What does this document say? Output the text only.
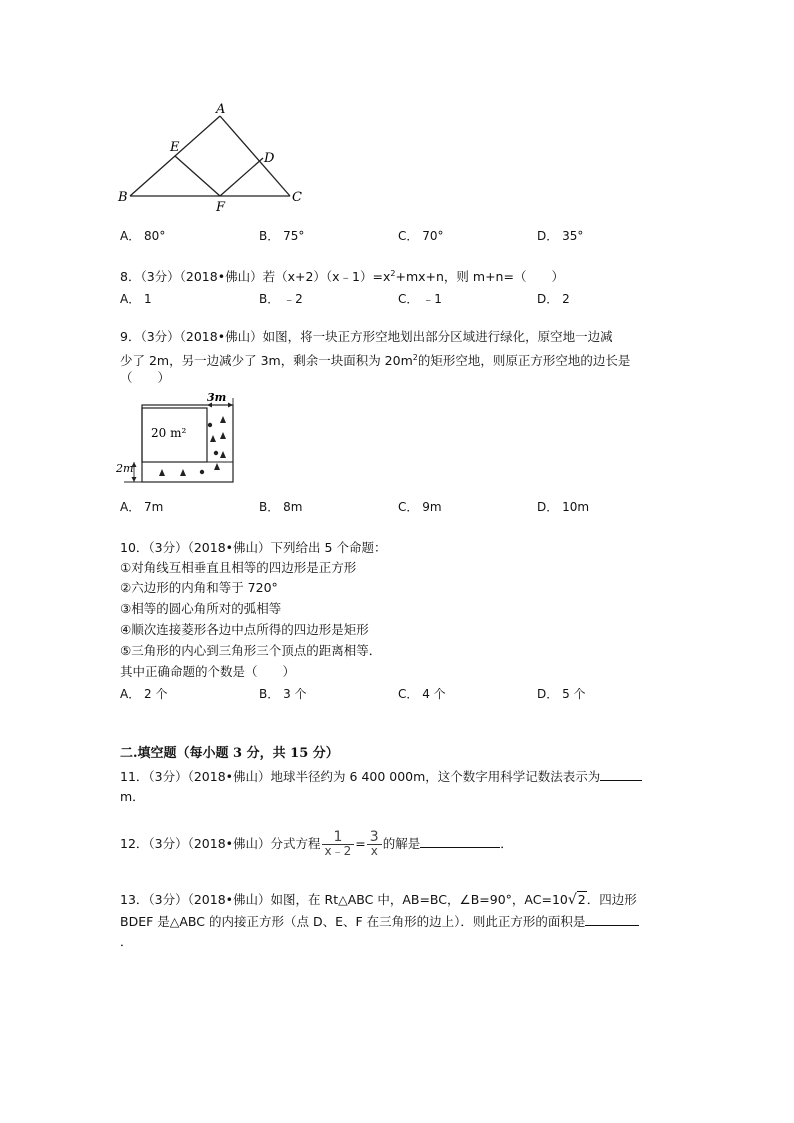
A
E
D
B
F
C
A． 80°	B． 75°	C． 70°	D． 35°
8．（3分）（2018•佛山）若$(x+2)(x﹣1)=x^2+mx+n$，则 m+n=（　　）
A． 1	B． ﹣2	C． ﹣1	D． 2
9．（3分）（2018•佛山）如图，将一块正方形空地划出部分区域进行绿化，原空地一边减
少了 2m，另一边减少了 3m，剩余一块面积为 $20m^2$的矩形空地，则原正方形空地的边长是
（　　）
3m
20 m²
2m
A． 7m	B． 8m	C． 9m	D． 10m
10．（3分）（2018•佛山）下列给出 5 个命题：
①对角线互相垂直且相等的四边形是正方形
②六边形的内角和等于 720°
③相等的圆心角所对的弧相等
④顺次连接菱形各边中点所得的四边形是矩形
⑤三角形的内心到三角形三个顶点的距离相等．
其中正确命题的个数是（　　）
A． 2 个	B． 3 个	C． 4 个	D． 5 个
二.填空题（每小题 3 分，共 15 分）
11．（3分）（2018•佛山）地球半径约为 6 400 000m，这个数字用科学记数法表示为
m．
12．（3分）（2018•佛山）分式方程 $\frac{1}{x﹣2} = \frac{3}{x}$ 的解是	．
13．（3分）（2018•佛山）如图，在 Rt△ABC 中，AB=BC，∠B=90°，AC=10√2．四边形
BDEF 是△ABC 的内接正方形（点 D、E、F 在三角形的边上）．则此正方形的面积是
．
